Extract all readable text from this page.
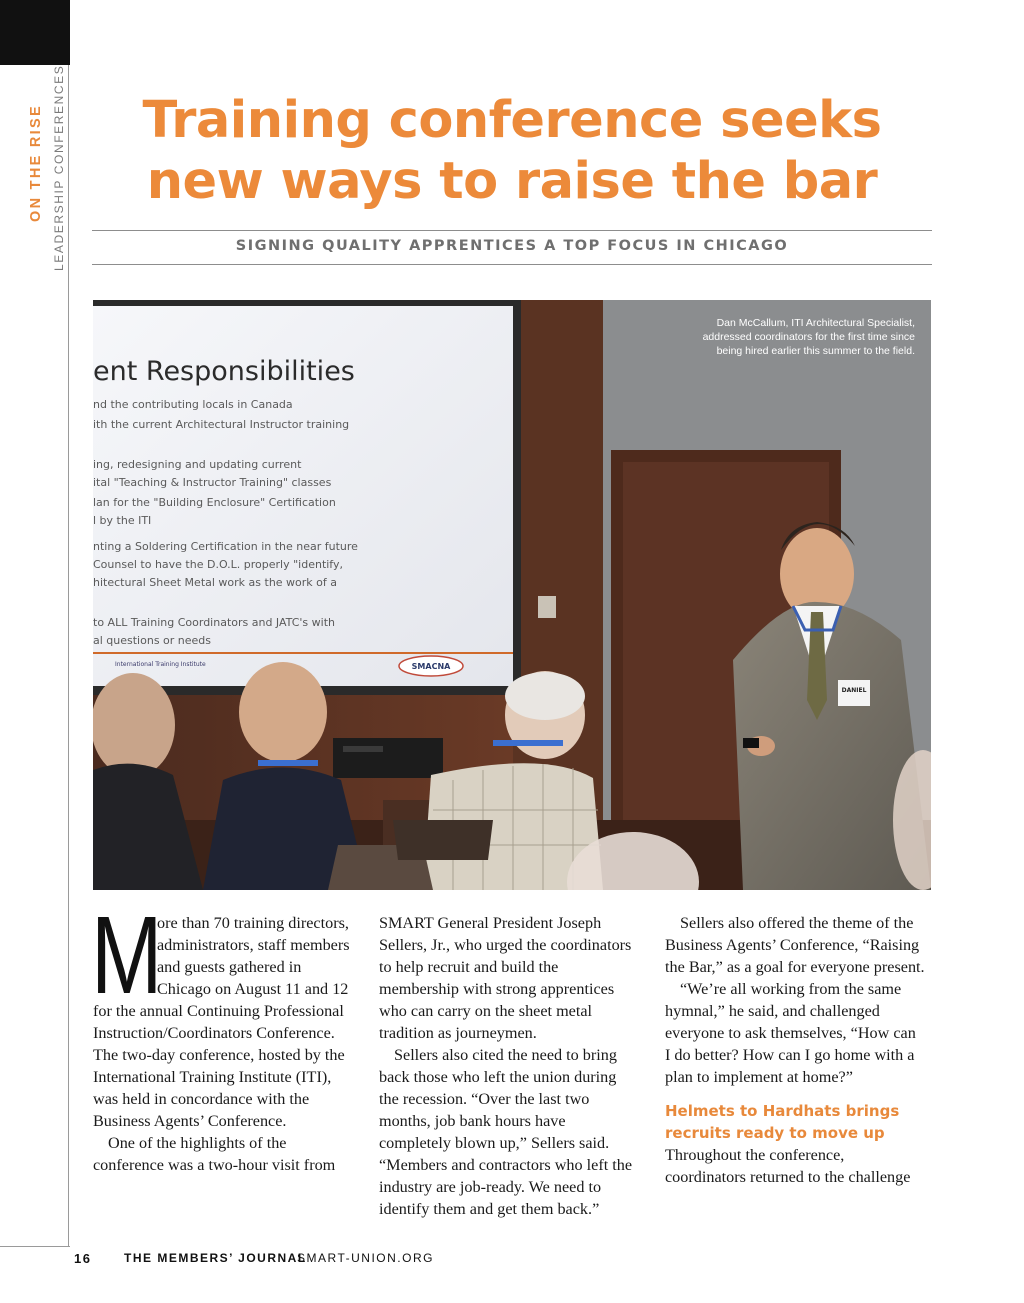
ON THE RISE LEADERSHIP CONFERENCES	Training conference seeks
new ways to raise the bar
SIGNING QUALITY APPRENTICES A TOP FOCUS IN CHICAGO
ent Responsibilities
nd the contributing locals in Canada
ith the current Architectural Instructor training
ing, redesigning and updating current
ital "Teaching & Instructor Training" classes
lan for the "Building Enclosure" Certification
l by the ITI
nting a Soldering Certification in the near future
Counsel to have the D.O.L. properly "identify,
hitectural Sheet Metal work as the work of a
to ALL Training Coordinators and JATC's with
al questions or needs
International Training Institute	SMACNA
DANIEL
Dan McCallum, ITI Architectural Specialist,
addressed coordinators for the first time since
being hired earlier this summer to the field.

M
ore than 70 training directors, administrators, staff members and guests gathered in Chicago on August 11 and 12 for the annual Continuing Professional Instruction/Coordinators Conference. The two-day conference, hosted by the International Training Institute (ITI), was held in concordance with the Business Agents’ Conference.

One of the highlights of the conference was a two-hour visit from

SMART General President Joseph Sellers, Jr., who urged the coordinators to help recruit and build the membership with strong apprentices who can carry on the sheet metal tradition as journeymen.

Sellers also cited the need to bring back those who left the union during the recession. “Over the last two months, job bank hours have completely blown up,” Sellers said. “Members and contractors who left the industry are job-ready. We need to identify them and get them back.”

Sellers also offered the theme of the Business Agents’ Conference, “Raising the Bar,” as a goal for everyone present.

“We’re all working from the same hymnal,” he said, and challenged everyone to ask themselves, “How can I do better? How can I go home with a plan to implement at home?”

Helmets to Hardhats brings recruits ready to move up

Throughout the conference, coordinators returned to the challenge

16	THE MEMBERS’ JOURNAL
SMART-UNION.ORG
